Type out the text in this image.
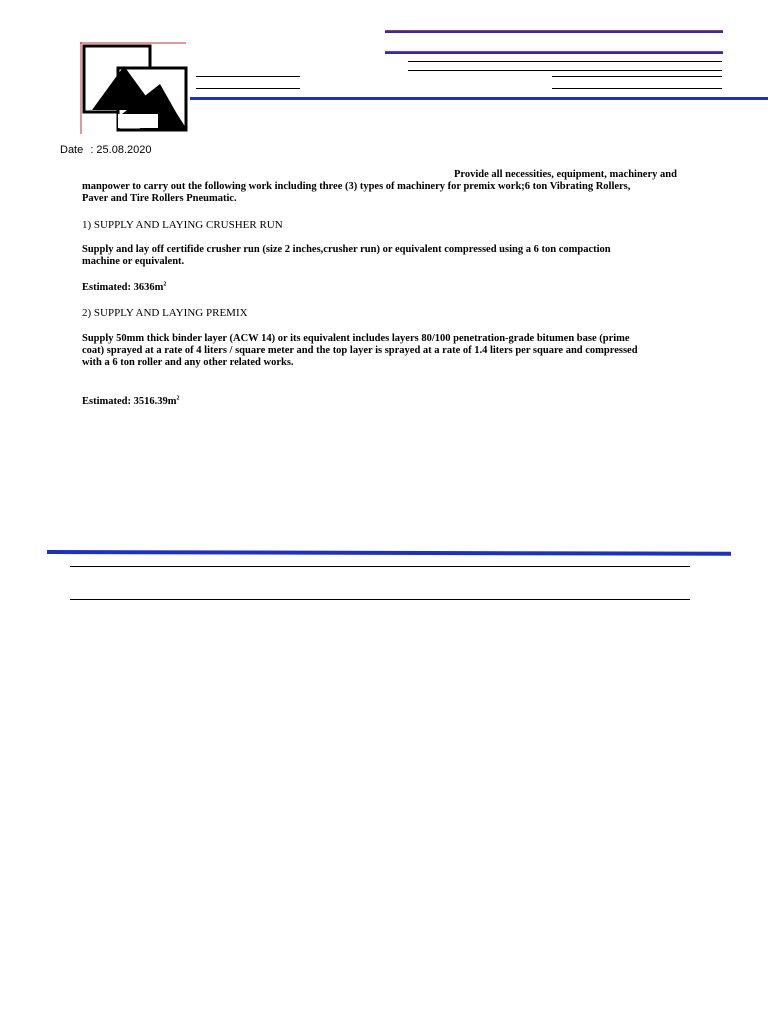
Date : 25.08.2020
Provide all necessities, equipment, machinery and
manpower to carry out the following work including three (3) types of machinery for premix work;6 ton Vibrating Rollers,
Paver and Tire Rollers Pneumatic.
1) SUPPLY AND LAYING CRUSHER RUN
Supply and lay off certifide crusher run (size 2 inches,crusher run) or equivalent compressed using a 6 ton compaction
machine or equivalent.
Estimated: $3636m^2$
2) SUPPLY AND LAYING PREMIX
Supply 50mm thick binder layer (ACW 14) or its equivalent includes layers 80/100 penetration-grade bitumen base (prime
coat) sprayed at a rate of 4 liters / square meter and the top layer is sprayed at a rate of 1.4 liters per square and compressed
with a 6 ton roller and any other related works.
Estimated: $3516.39m^2$
